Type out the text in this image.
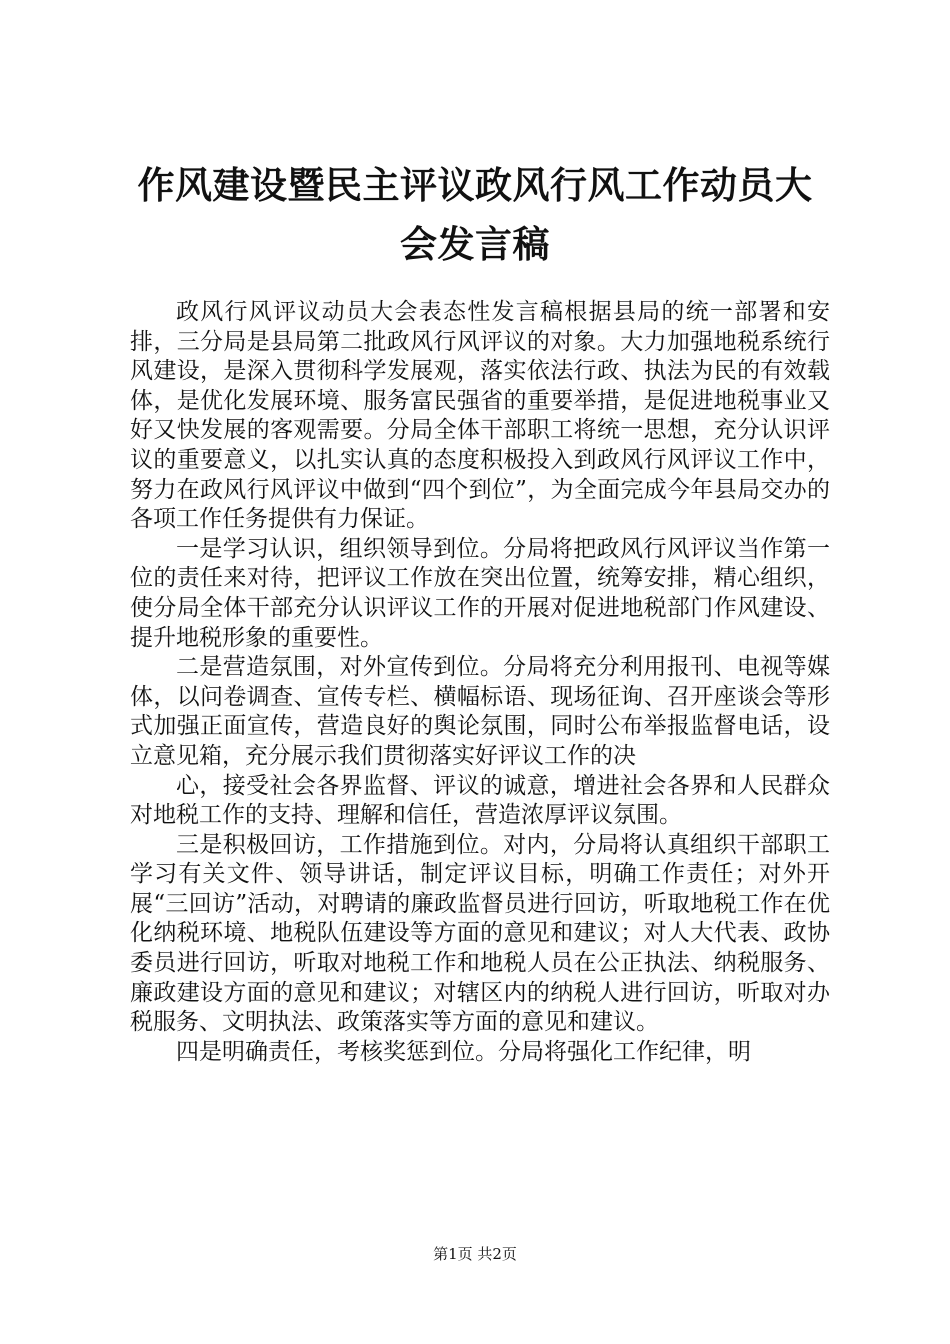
作风建设暨民主评议政风行风工作动员大会发言稿

政风行风评议动员大会表态性发言稿根据县局的统一部署和安排，三分局是县局第二批政风行风评议的对象。大力加强地税系统行风建设，是深入贯彻科学发展观，落实依法行政、执法为民的有效载体，是优化发展环境、服务富民强省的重要举措，是促进地税事业又好又快发展的客观需要。分局全体干部职工将统一思想，充分认识评议的重要意义，以扎实认真的态度积极投入到政风行风评议工作中，努力在政风行风评议中做到“四个到位”，为全面完成今年县局交办的各项工作任务提供有力保证。

一是学习认识，组织领导到位。分局将把政风行风评议当作第一位的责任来对待，把评议工作放在突出位置，统筹安排，精心组织，使分局全体干部充分认识评议工作的开展对促进地税部门作风建设、提升地税形象的重要性。

二是营造氛围，对外宣传到位。分局将充分利用报刊、电视等媒体，以问卷调查、宣传专栏、横幅标语、现场征询、召开座谈会等形式加强正面宣传，营造良好的舆论氛围，同时公布举报监督电话，设立意见箱，充分展示我们贯彻落实好评议工作的决

心，接受社会各界监督、评议的诚意，增进社会各界和人民群众对地税工作的支持、理解和信任，营造浓厚评议氛围。

三是积极回访，工作措施到位。对内，分局将认真组织干部职工学习有关文件、领导讲话，制定评议目标，明确工作责任；对外开展“三回访”活动，对聘请的廉政监督员进行回访，听取地税工作在优化纳税环境、地税队伍建设等方面的意见和建议；对人大代表、政协委员进行回访，听取对地税工作和地税人员在公正执法、纳税服务、廉政建设方面的意见和建议；对辖区内的纳税人进行回访，听取对办税服务、文明执法、政策落实等方面的意见和建议。

四是明确责任，考核奖惩到位。分局将强化工作纪律，明

第1页 共2页
